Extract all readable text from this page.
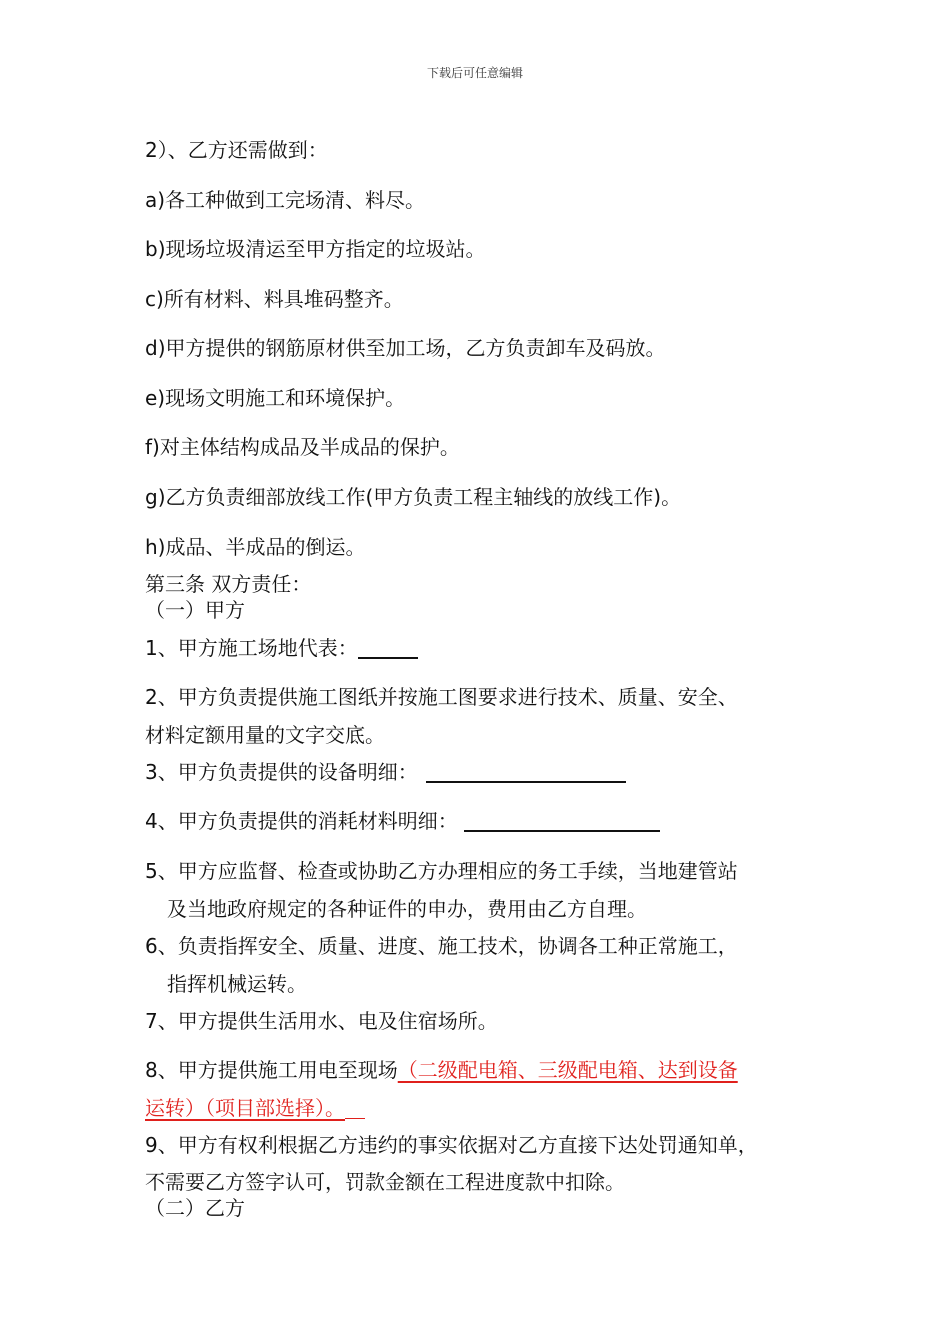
下载后可任意编辑
2）、乙方还需做到：
a)各工种做到工完场清、料尽。
b)现场垃圾清运至甲方指定的垃圾站。
c)所有材料、料具堆码整齐。
d)甲方提供的钢筋原材供至加工场，乙方负责卸车及码放。
e)现场文明施工和环境保护。
f)对主体结构成品及半成品的保护。
g)乙方负责细部放线工作(甲方负责工程主轴线的放线工作)。
h)成品、半成品的倒运。
第三条 双方责任：
（一）甲方
1、甲方施工场地代表：
2、甲方负责提供施工图纸并按施工图要求进行技术、质量、安全、
材料定额用量的文字交底。
3、甲方负责提供的设备明细：
4、甲方负责提供的消耗材料明细：
5、甲方应监督、检查或协助乙方办理相应的务工手续，当地建管站
及当地政府规定的各种证件的申办，费用由乙方自理。
6、负责指挥安全、质量、进度、施工技术，协调各工种正常施工，
指挥机械运转。
7、甲方提供生活用水、电及住宿场所。
8、甲方提供施工用电至现场（二级配电箱、三级配电箱、达到设备
运转）（项目部选择）。
9、甲方有权利根据乙方违约的事实依据对乙方直接下达处罚通知单，
不需要乙方签字认可，罚款金额在工程进度款中扣除。
（二）乙方
